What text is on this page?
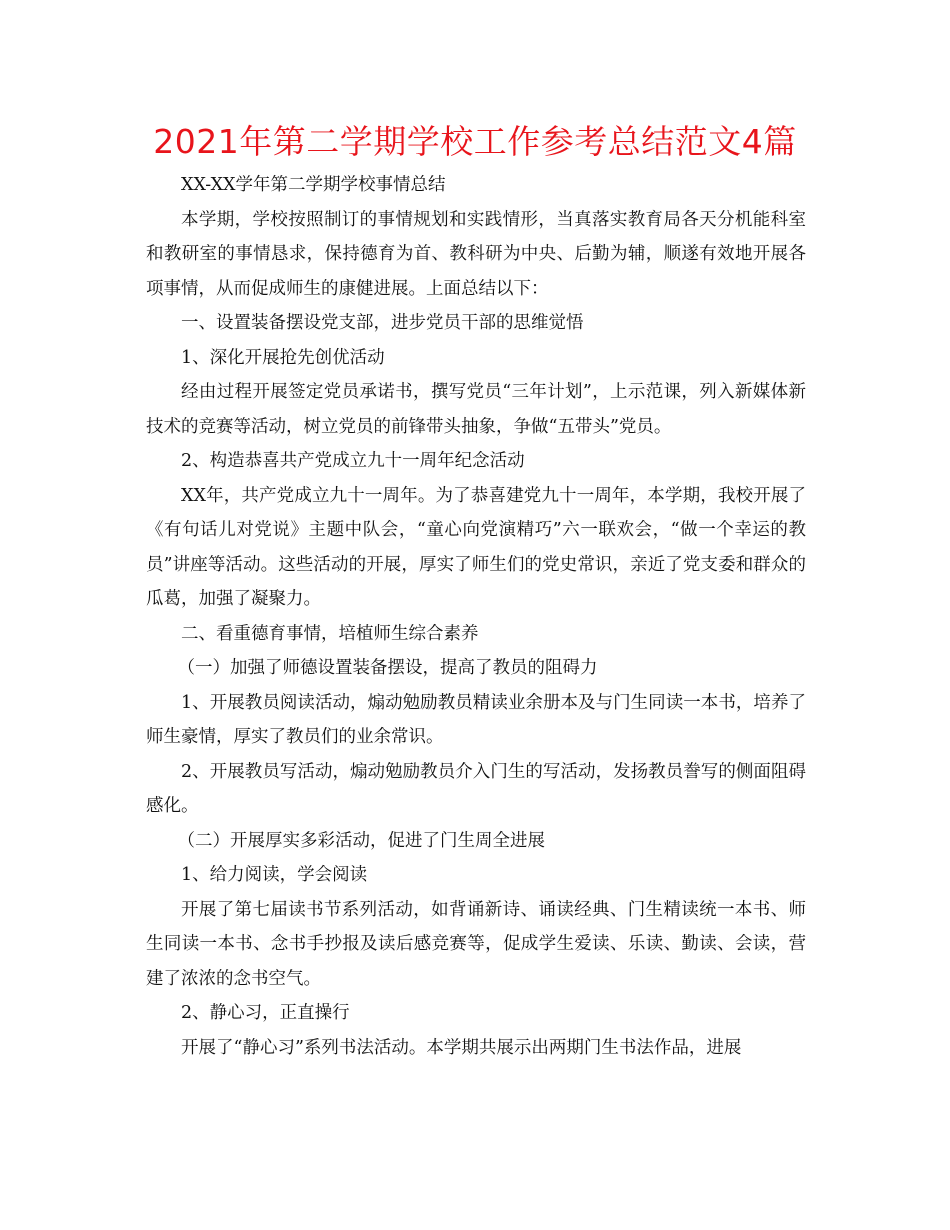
2021年第二学期学校工作参考总结范文4篇

XX-XX学年第二学期学校事情总结

本学期，学校按照制订的事情规划和实践情形，当真落实教育局各天分机能科室和教研室的事情恳求，保持德育为首、教科研为中央、后勤为辅，顺遂有效地开展各项事情，从而促成师生的康健进展。上面总结以下：

一、设置装备摆设党支部，进步党员干部的思维觉悟

1、深化开展抢先创优活动

经由过程开展签定党员承诺书，撰写党员“三年计划”，上示范课，列入新媒体新技术的竞赛等活动，树立党员的前锋带头抽象，争做“五带头”党员。

2、构造恭喜共产党成立九十一周年纪念活动

XX年，共产党成立九十一周年。为了恭喜建党九十一周年，本学期，我校开展了《有句话儿对党说》主题中队会，“童心向党演精巧”六一联欢会，“做一个幸运的教员”讲座等活动。这些活动的开展，厚实了师生们的党史常识，亲近了党支委和群众的瓜葛，加强了凝聚力。

二、看重德育事情，培植师生综合素养

（一）加强了师德设置装备摆设，提高了教员的阻碍力

1、开展教员阅读活动，煽动勉励教员精读业余册本及与门生同读一本书，培养了师生豪情，厚实了教员们的业余常识。

2、开展教员写活动，煽动勉励教员介入门生的写活动，发扬教员誊写的侧面阻碍感化。

（二）开展厚实多彩活动，促进了门生周全进展

1、给力阅读，学会阅读

开展了第七届读书节系列活动，如背诵新诗、诵读经典、门生精读统一本书、师生同读一本书、念书手抄报及读后感竞赛等，促成学生爱读、乐读、勤读、会读，营建了浓浓的念书空气。

2、静心习，正直操行

开展了“静心习”系列书法活动。本学期共展示出两期门生书法作品，进展
